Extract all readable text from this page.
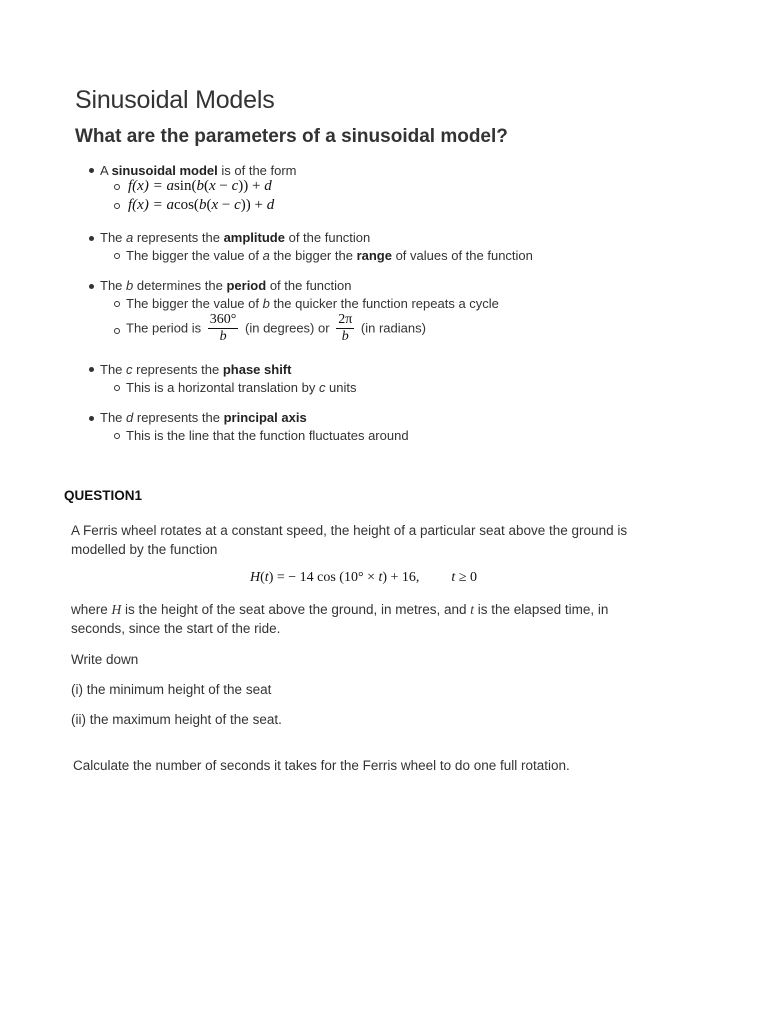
Sinusoidal Models
What are the parameters of a sinusoidal model?
A sinusoidal model is of the form
f(x) = asin(b(x − c)) + d
f(x) = acos(b(x − c)) + d
The a represents the amplitude of the function
The bigger the value of a the bigger the range of values of the function
The b determines the period of the function
The bigger the value of b the quicker the function repeats a cycle
The period is $\frac{360^\circ}{b} (in$ degrees) or $\frac{2\pi}{b} (in$ radians)
The c represents the phase shift
This is a horizontal translation by c units
The d represents the principal axis
This is the line that the function fluctuates around
QUESTION1
A Ferris wheel rotates at a constant speed, the height of a particular seat above the ground is
modelled by the function
H(t) = − 14 cos (10° × t) + 16, t ≥ 0
where H is the height of the seat above the ground, in metres, and t is the elapsed time, in
seconds, since the start of the ride.
Write down
(i) the minimum height of the seat
(ii) the maximum height of the seat.
Calculate the number of seconds it takes for the Ferris wheel to do one full rotation.
